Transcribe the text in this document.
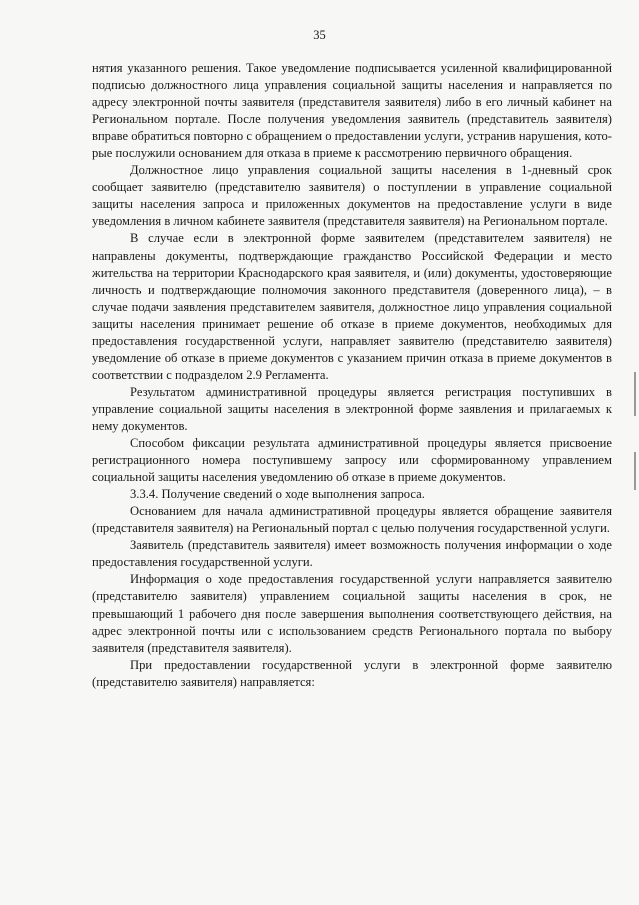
35

нятия указанного решения. Такое уведомление подписывается усиленной квалифицированной подписью должностного лица управления социальной защиты населения и направляется по адресу электронной почты заявителя (представителя заявителя) либо в его личный кабинет на Региональном портале. После получения уведомления заявитель (представитель заявителя) вправе обратиться повторно с обращением о предоставлении услуги, устранив нарушения, которые послужили основанием для отказа в приеме к рассмотрению первичного обращения.

Должностное лицо управления социальной защиты населения в 1-дневный срок сообщает заявителю (представителю заявителя) о поступлении в управление социальной защиты населения запроса и приложенных документов на предоставление услуги в виде уведомления в личном кабинете заявителя (представителя заявителя) на Региональном портале.

В случае если в электронной форме заявителем (представителем заявителя) не направлены документы, подтверждающие гражданство Российской Федерации и место жительства на территории Краснодарского края заявителя, и (или) документы, удостоверяющие личность и подтверждающие полномочия законного представителя (доверенного лица), – в случае подачи заявления представителем заявителя, должностное лицо управления социальной защиты населения принимает решение об отказе в приеме документов, необходимых для предоставления государственной услуги, направляет заявителю (представителю заявителя) уведомление об отказе в приеме документов с указанием причин отказа в приеме документов в соответствии с подразделом 2.9 Регламента.

Результатом административной процедуры является регистрация поступивших в управление социальной защиты населения в электронной форме заявления и прилагаемых к нему документов.

Способом фиксации результата административной процедуры является присвоение регистрационного номера поступившему запросу или сформированному управлением социальной защиты населения уведомлению об отказе в приеме документов.

3.3.4. Получение сведений о ходе выполнения запроса.

Основанием для начала административной процедуры является обращение заявителя (представителя заявителя) на Региональный портал с целью получения государственной услуги.

Заявитель (представитель заявителя) имеет возможность получения информации о ходе предоставления государственной услуги.

Информация о ходе предоставления государственной услуги направляется заявителю (представителю заявителя) управлением социальной защиты населения в срок, не превышающий 1 рабочего дня после завершения выполнения соответствующего действия, на адрес электронной почты или с использованием средств Регионального портала по выбору заявителя (представителя заявителя).

При предоставлении государственной услуги в электронной форме заявителю (представителю заявителя) направляется:
